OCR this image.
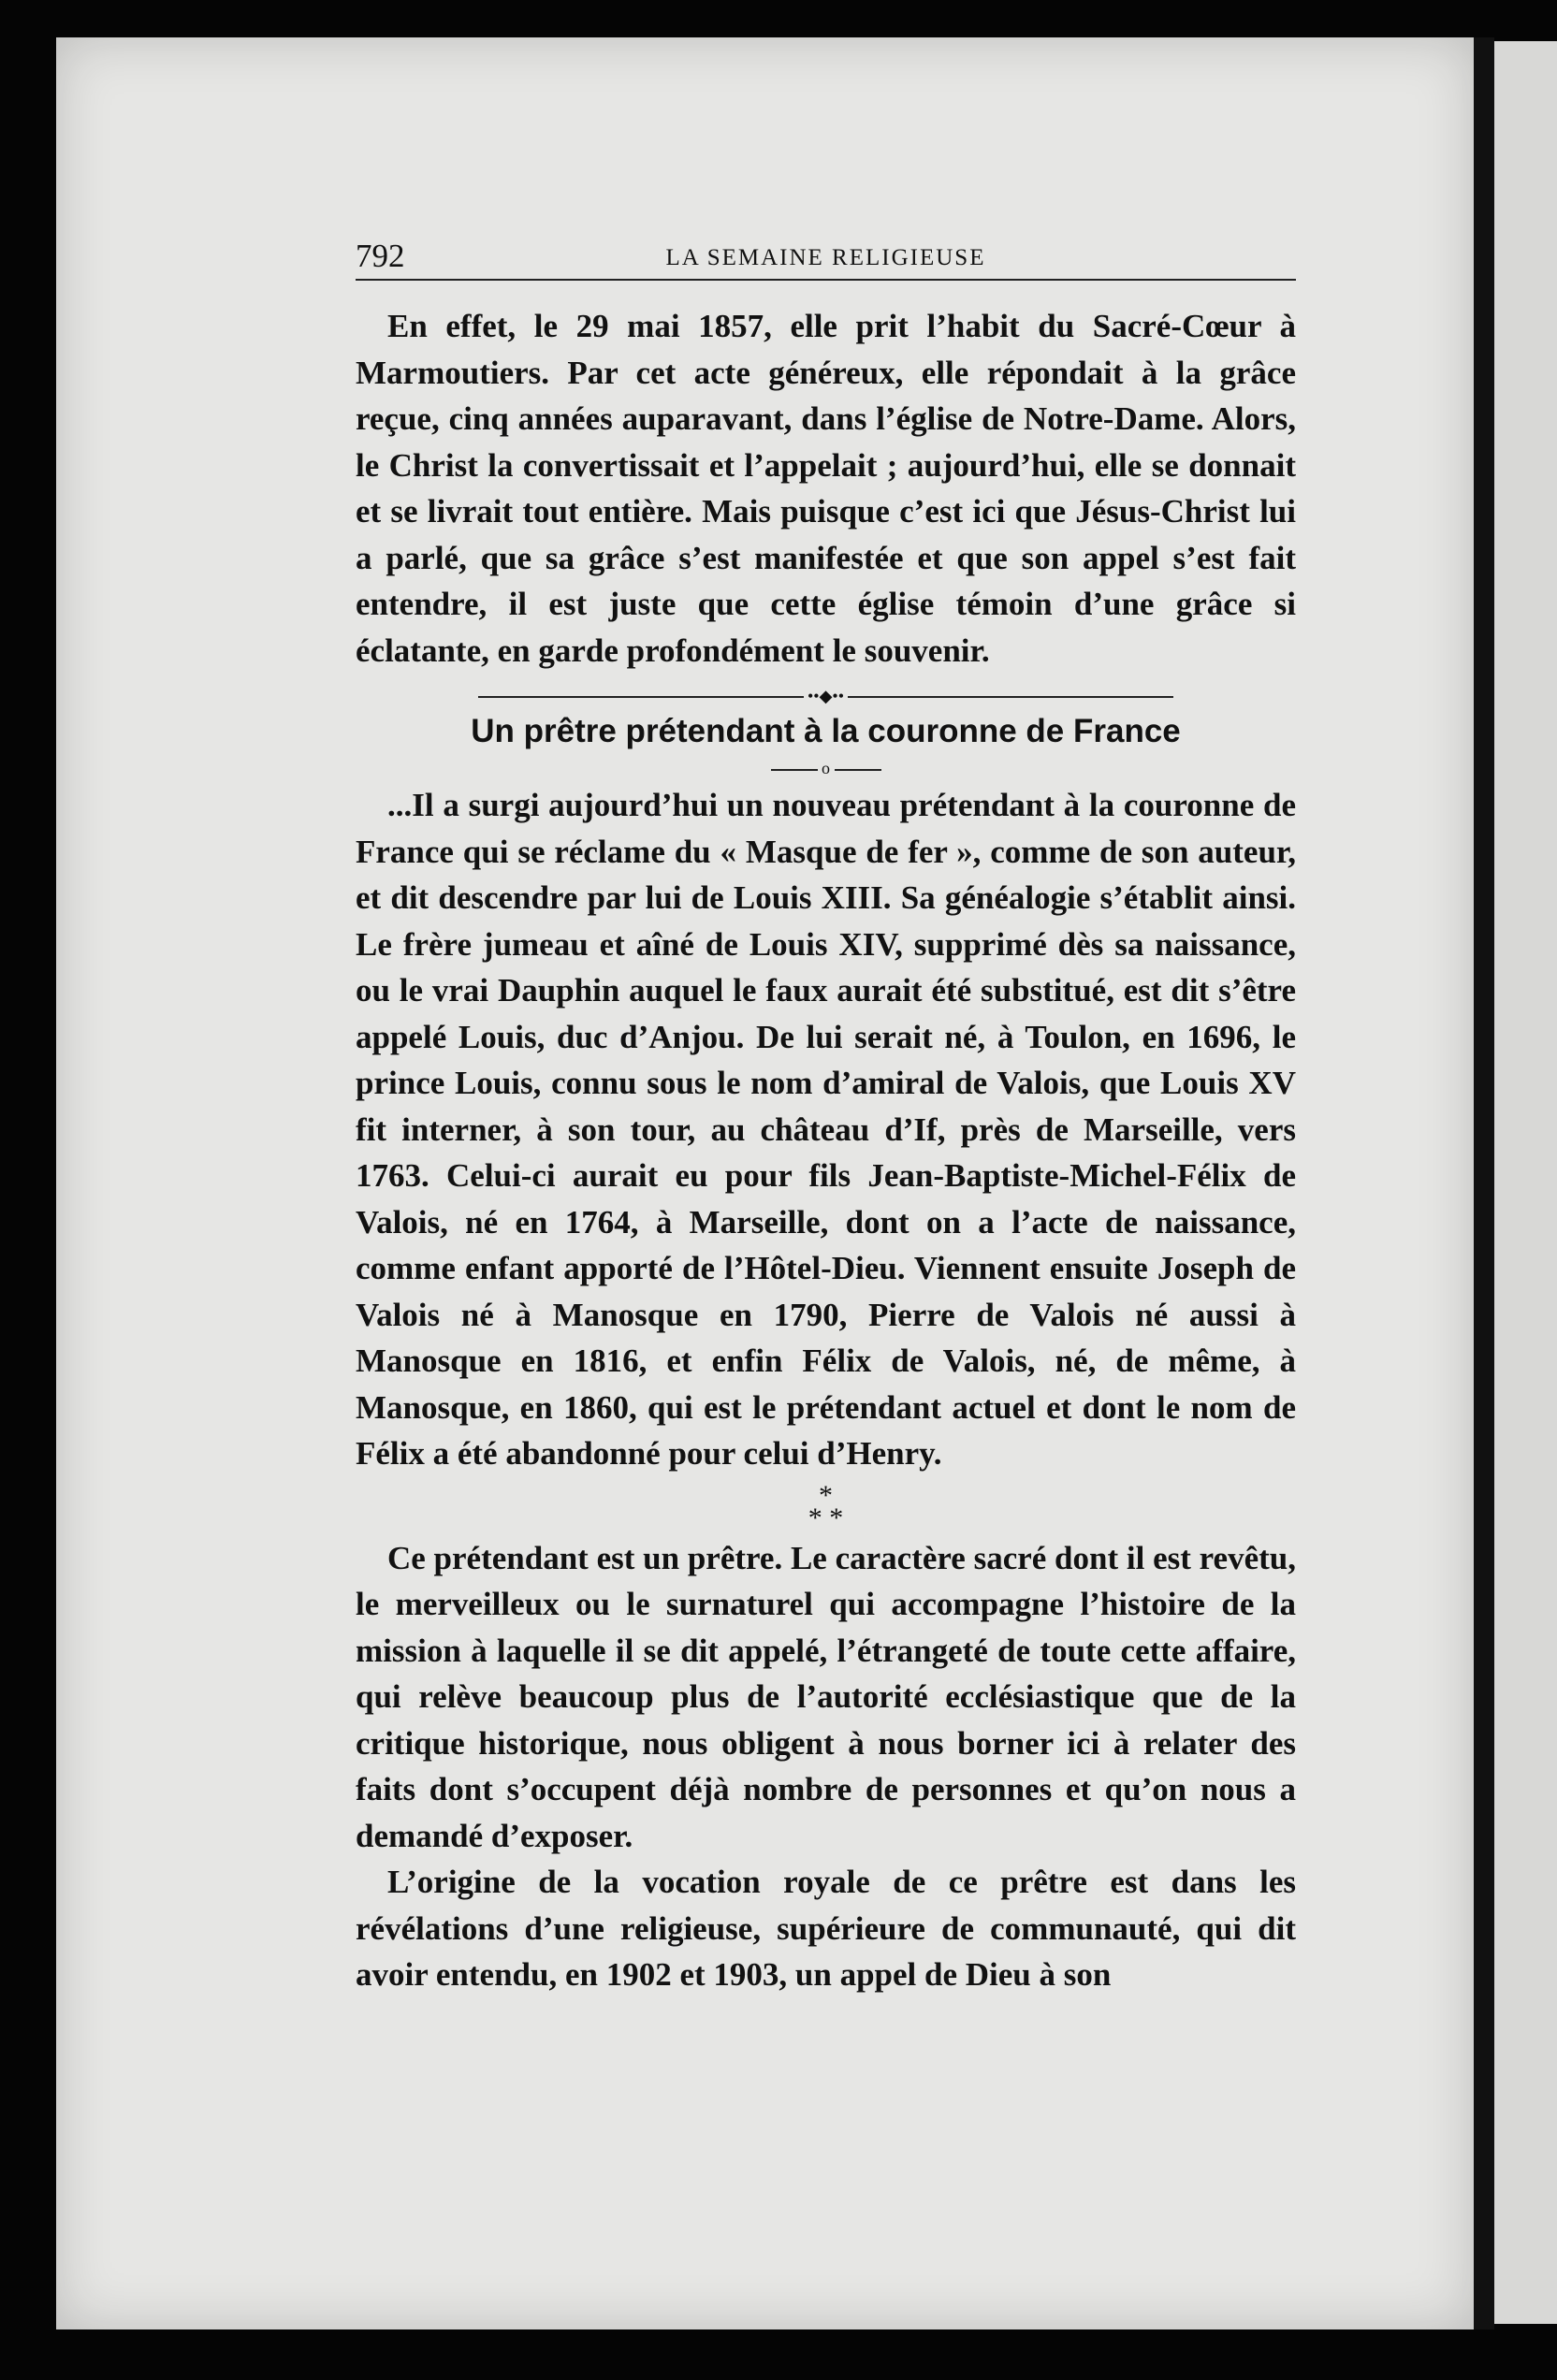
792	LA SEMAINE RELIGIEUSE

En effet, le 29 mai 1857, elle prit l’habit du Sacré-Cœur à Marmoutiers. Par cet acte généreux, elle répondait à la grâce reçue, cinq années auparavant, dans l’église de Notre-Dame. Alors, le Christ la convertissait et l’appelait ; aujourd’hui, elle se donnait et se livrait tout entière. Mais puisque c’est ici que Jésus-Christ lui a parlé, que sa grâce s’est manifestée et que son appel s’est fait entendre, il est juste que cette église témoin d’une grâce si éclatante, en garde profondément le souvenir.

••◆••
Un prêtre prétendant à la couronne de France
o

...Il a surgi aujourd’hui un nouveau prétendant à la couronne de France qui se réclame du « Masque de fer », comme de son auteur, et dit descendre par lui de Louis XIII. Sa généalogie s’établit ainsi. Le frère jumeau et aîné de Louis XIV, supprimé dès sa naissance, ou le vrai Dauphin auquel le faux aurait été substitué, est dit s’être appelé Louis, duc d’Anjou. De lui serait né, à Toulon, en 1696, le prince Louis, connu sous le nom d’amiral de Valois, que Louis XV fit interner, à son tour, au château d’If, près de Marseille, vers 1763. Celui-ci aurait eu pour fils Jean-Baptiste-Michel-Félix de Valois, né en 1764, à Marseille, dont on a l’acte de naissance, comme enfant apporté de l’Hôtel-Dieu. Viennent ensuite Joseph de Valois né à Manosque en 1790, Pierre de Valois né aussi à Manosque en 1816, et enfin Félix de Valois, né, de même, à Manosque, en 1860, qui est le prétendant actuel et dont le nom de Félix a été abandonné pour celui d’Henry.

*
* *

Ce prétendant est un prêtre. Le caractère sacré dont il est revêtu, le merveilleux ou le surnaturel qui accompagne l’histoire de la mission à laquelle il se dit appelé, l’étrangeté de toute cette affaire, qui relève beaucoup plus de l’autorité ecclésiastique que de la critique historique, nous obligent à nous borner ici à relater des faits dont s’occupent déjà nombre de personnes et qu’on nous a demandé d’exposer.

L’origine de la vocation royale de ce prêtre est dans les révélations d’une religieuse, supérieure de communauté, qui dit avoir entendu, en 1902 et 1903, un appel de Dieu à son
